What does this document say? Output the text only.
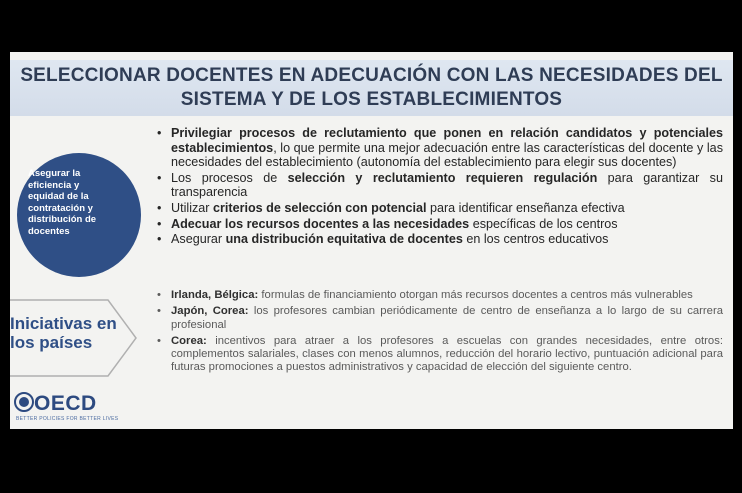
SELECCIONAR DOCENTES EN ADECUACIÓN CON LAS NECESIDADES DEL SISTEMA Y DE LOS ESTABLECIMIENTOS
Asegurar la eficiencia y equidad de la contratación y distribución de docentes
Iniciativas en los países
OECD
BETTER POLICIES FOR BETTER LIVES
• Privilegiar procesos de reclutamiento que ponen en relación candidatos y potenciales establecimientos, lo que permite una mejor adecuación entre las características del docente y las necesidades del establecimiento (autonomía del establecimiento para elegir sus docentes)
• Los procesos de selección y reclutamiento requieren regulación para garantizar su transparencia
• Utilizar criterios de selección con potencial para identificar enseñanza efectiva
• Adecuar los recursos docentes a las necesidades específicas de los centros
• Asegurar una distribución equitativa de docentes en los centros educativos
• Irlanda, Bélgica: formulas de financiamiento otorgan más recursos docentes a centros más vulnerables
• Japón, Corea: los profesores cambian periódicamente de centro de enseñanza a lo largo de su carrera profesional
• Corea: incentivos para atraer a los profesores a escuelas con grandes necesidades, entre otros: complementos salariales, clases con menos alumnos, reducción del horario lectivo, puntuación adicional para futuras promociones a puestos administrativos y capacidad de elección del siguiente centro.
